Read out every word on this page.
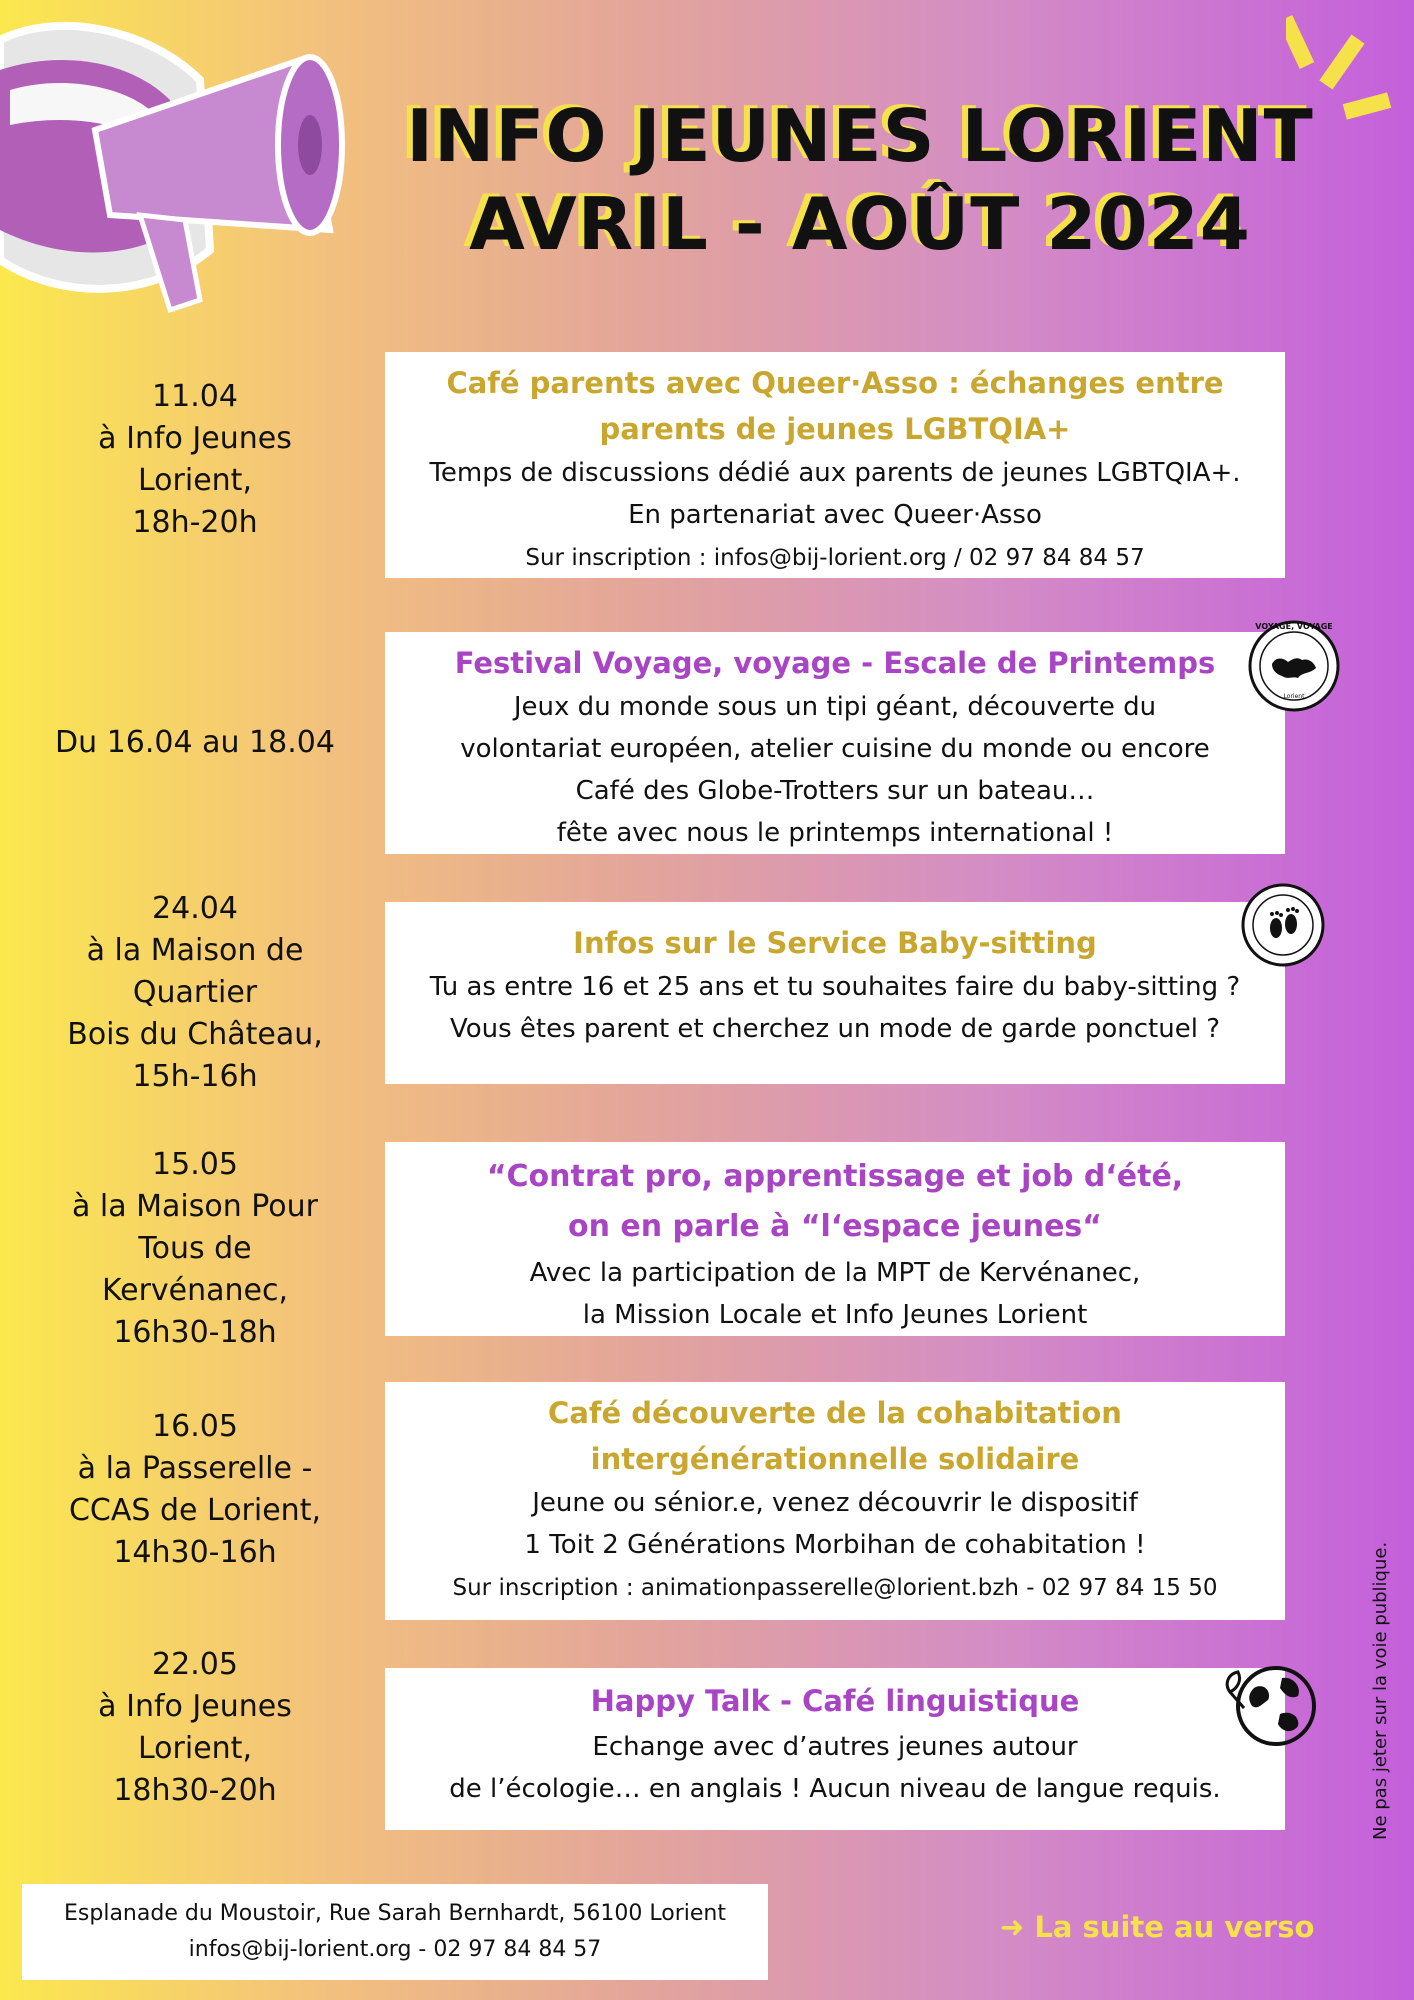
INFO JEUNES LORIENT
AVRIL - AOÛT 2024
11.04
à Info Jeunes
Lorient,
18h-20h
Café parents avec Queer·Asso : échanges entre
parents de jeunes LGBTQIA+
Temps de discussions dédié aux parents de jeunes LGBTQIA+.
En partenariat avec Queer·Asso
Sur inscription : infos@bij-lorient.org / 02 97 84 84 57
Du 16.04 au 18.04
Festival Voyage, voyage - Escale de Printemps
Jeux du monde sous un tipi géant, découverte du
volontariat européen, atelier cuisine du monde ou encore
Café des Globe-Trotters sur un bateau…
fête avec nous le printemps international !
VOYAGE, VOYAGE
Lorient
24.04
à la Maison de
Quartier
Bois du Château,
15h-16h
Infos sur le Service Baby-sitting
Tu as entre 16 et 25 ans et tu souhaites faire du baby-sitting ?
Vous êtes parent et cherchez un mode de garde ponctuel ?
15.05
à la Maison Pour
Tous de
Kervénanec,
16h30-18h
“Contrat pro, apprentissage et job d‘été,
on en parle à “l‘espace jeunes“
Avec la participation de la MPT de Kervénanec,
la Mission Locale et Info Jeunes Lorient
16.05
à la Passerelle -
CCAS de Lorient,
14h30-16h
Café découverte de la cohabitation
intergénérationnelle solidaire
Jeune ou sénior.e, venez découvrir le dispositif
1 Toit 2 Générations Morbihan de cohabitation !
Sur inscription : animationpasserelle@lorient.bzh - 02 97 84 15 50
22.05
à Info Jeunes
Lorient,
18h30-20h
Happy Talk - Café linguistique
Echange avec d’autres jeunes autour
de l’écologie… en anglais ! Aucun niveau de langue requis.	Ne pas jeter sur la voie publique.
Esplanade du Moustoir, Rue Sarah Bernhardt, 56100 Lorient
infos@bij-lorient.org - 02 97 84 84 57
➜ La suite au verso
